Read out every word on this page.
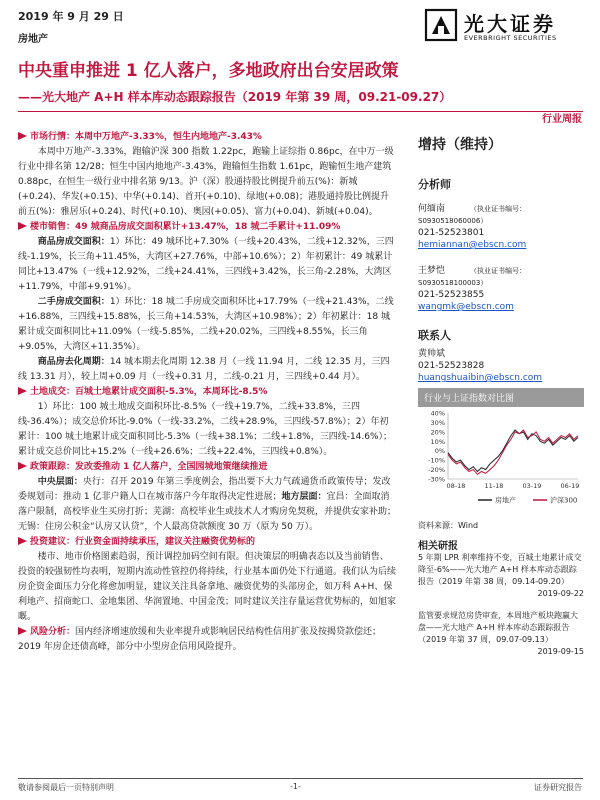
2019 年 9 月 29 日
房地产
光大证券
EVERBRIGHT SECURITIES
中央重申推进 1 亿人落户，多地政府出台安居政策
——光大地产 A+H 样本库动态跟踪报告（2019 年第 39 周，09.21-09.27）
行业周报

市场行情：本周中万地产-3.33%，恒生内地地产-3.43%

本周中万地产-3.33%，跑输沪深 300 指数 1.22pc，跑输上证综指 0.86pc，在中万一级行业中排名第 12/28；恒生中国内地地产-3.43%，跑输恒生指数 1.61pc，跑输恒生地产建筑 0.88pc，在恒生一级行业中排名第 9/13。沪（深）股通持股比例提升前五(%)：新城(+0.24)、华发(+0.15)、中华(+0.14)、首开(+0.10)、绿地(+0.08)；港股通持股比例提升前五(%)：雅居乐(+0.24)、时代(+0.10)、奥园(+0.05)、富力(+0.04)、新城(+0.04)。

楼市销售：49 城商品房成交面积累计+13.47%，18 城二手累计+11.09%

商品房成交面积：1）环比：49 城环比+7.30%（一线+20.43%，二线+12.32%，三四线-1.19%，长三角+11.45%，大湾区+27.76%，中部+10.6%）；2）年初累计：49 城累计同比+13.47%（一线+12.92%，二线+24.41%，三四线+3.42%，长三角-2.28%，大湾区+11.79%，中部+9.91%）。

二手房成交面积：1）环比：18 城二手房成交面积环比+17.79%（一线+21.43%，二线+16.88%，三四线+15.88%，长三角+14.53%，大湾区+10.98%）；2）年初累计：18 城累计成交面积同比+11.09%（一线-5.85%，二线+20.02%，三四线+8.55%，长三角+9.05%，大湾区+11.35%）。

商品房去化周期：14 城本期去化周期 12.38 月（一线 11.94 月，二线 12.35 月，三四线 13.31 月），较上周+0.09 月（一线+0.31 月，二线-0.21 月，三四线+0.44 月）。

土地成交：百城土地累计成交面积-5.3%，本周环比-8.5%

1）环比：100 城土地成交面积环比-8.5%（一线+19.7%，二线+33.8%，三四线-36.4%）；成交总价环比-9.0%（一线-33.2%，二线+28.9%，三四线-57.8%）；2）年初累计：100 城土地累计成交面积同比-5.3%（一线+38.1%；二线+1.8%，三四线-14.6%）；累计成交总价同比+15.2%（一线+26.6%；二线+22.4%，三四线+0.8%）。

政策跟踪：发改委推动 1 亿人落户，全国园城地策继续推进

中央层面：央行：召开 2019 年第三季度例会，指出要下大力气疏通货币政策传导；发改委规划司：推动 1 亿非户籍人口在城市落户今年取得决定性进展；地方层面：宜昌：全面取消落户限制，高校毕业生买房打折；芜湖：高校毕业生或技术人才购房免契税，并提供安家补助；无锡：住房公积金“认房又认贷”，个人最高贷款额度 30 万（原为 50 万）。

投资建议：行业资金面持续承压，建议关注融资优势标的

楼市、地市价格图素趋弱，预计调控加码空间有限。但决策层的明确表态以及当前销售、投资的较强韧性均表明，短期内流动性管控仍将持续，行业基本面仍处下行通道。我们认为后续房企资金面压力分化将愈加明显，建议关注具备拿地、融资优势的头部房企，如万科 A+H、保利地产、招商蛇口、金地集团、华润置地、中国金茂；同时建议关注存量运营优势标的，如旭家嘅。

风险分析：国内经济增速放缓和失业率提升或影响居民结构性信用扩张及按揭贷款偿还；2019 年房企还债高峰，部分中小型房企信用风险提升。

增持（维持）
分析师
何缅南	（执业证书编号：S0930518060006）
021-52523801
hemiannan@ebscn.com
王梦恺	（执业证书编号：S0930518100003）
021-52523855
wangmk@ebscn.com
联系人
黄帅斌
021-52523828
huangshuaibin@ebscn.com
行业与上证指数对比图
40%
30%
20%
10%
0%
-10%
-20%
-30%
08-18	11-18	03-19	06-19
房地产	沪深300
资料来源：Wind
相关研报
5 年期 LPR 利率维持不变，百城土地累计成交降至-6%——光大地产 A+H 样本库动态跟踪报告（2019 年第 38 周，09.14-09.20）
2019-09-22
监管要求规范房贷审查，本周地产板块跑赢大盘——光大地产 A+H 样本库动态跟踪报告（2019 年第 37 周，09.07-09.13）
2019-09-15
敬请参阅最后一页特别声明	-1-	证券研究报告
